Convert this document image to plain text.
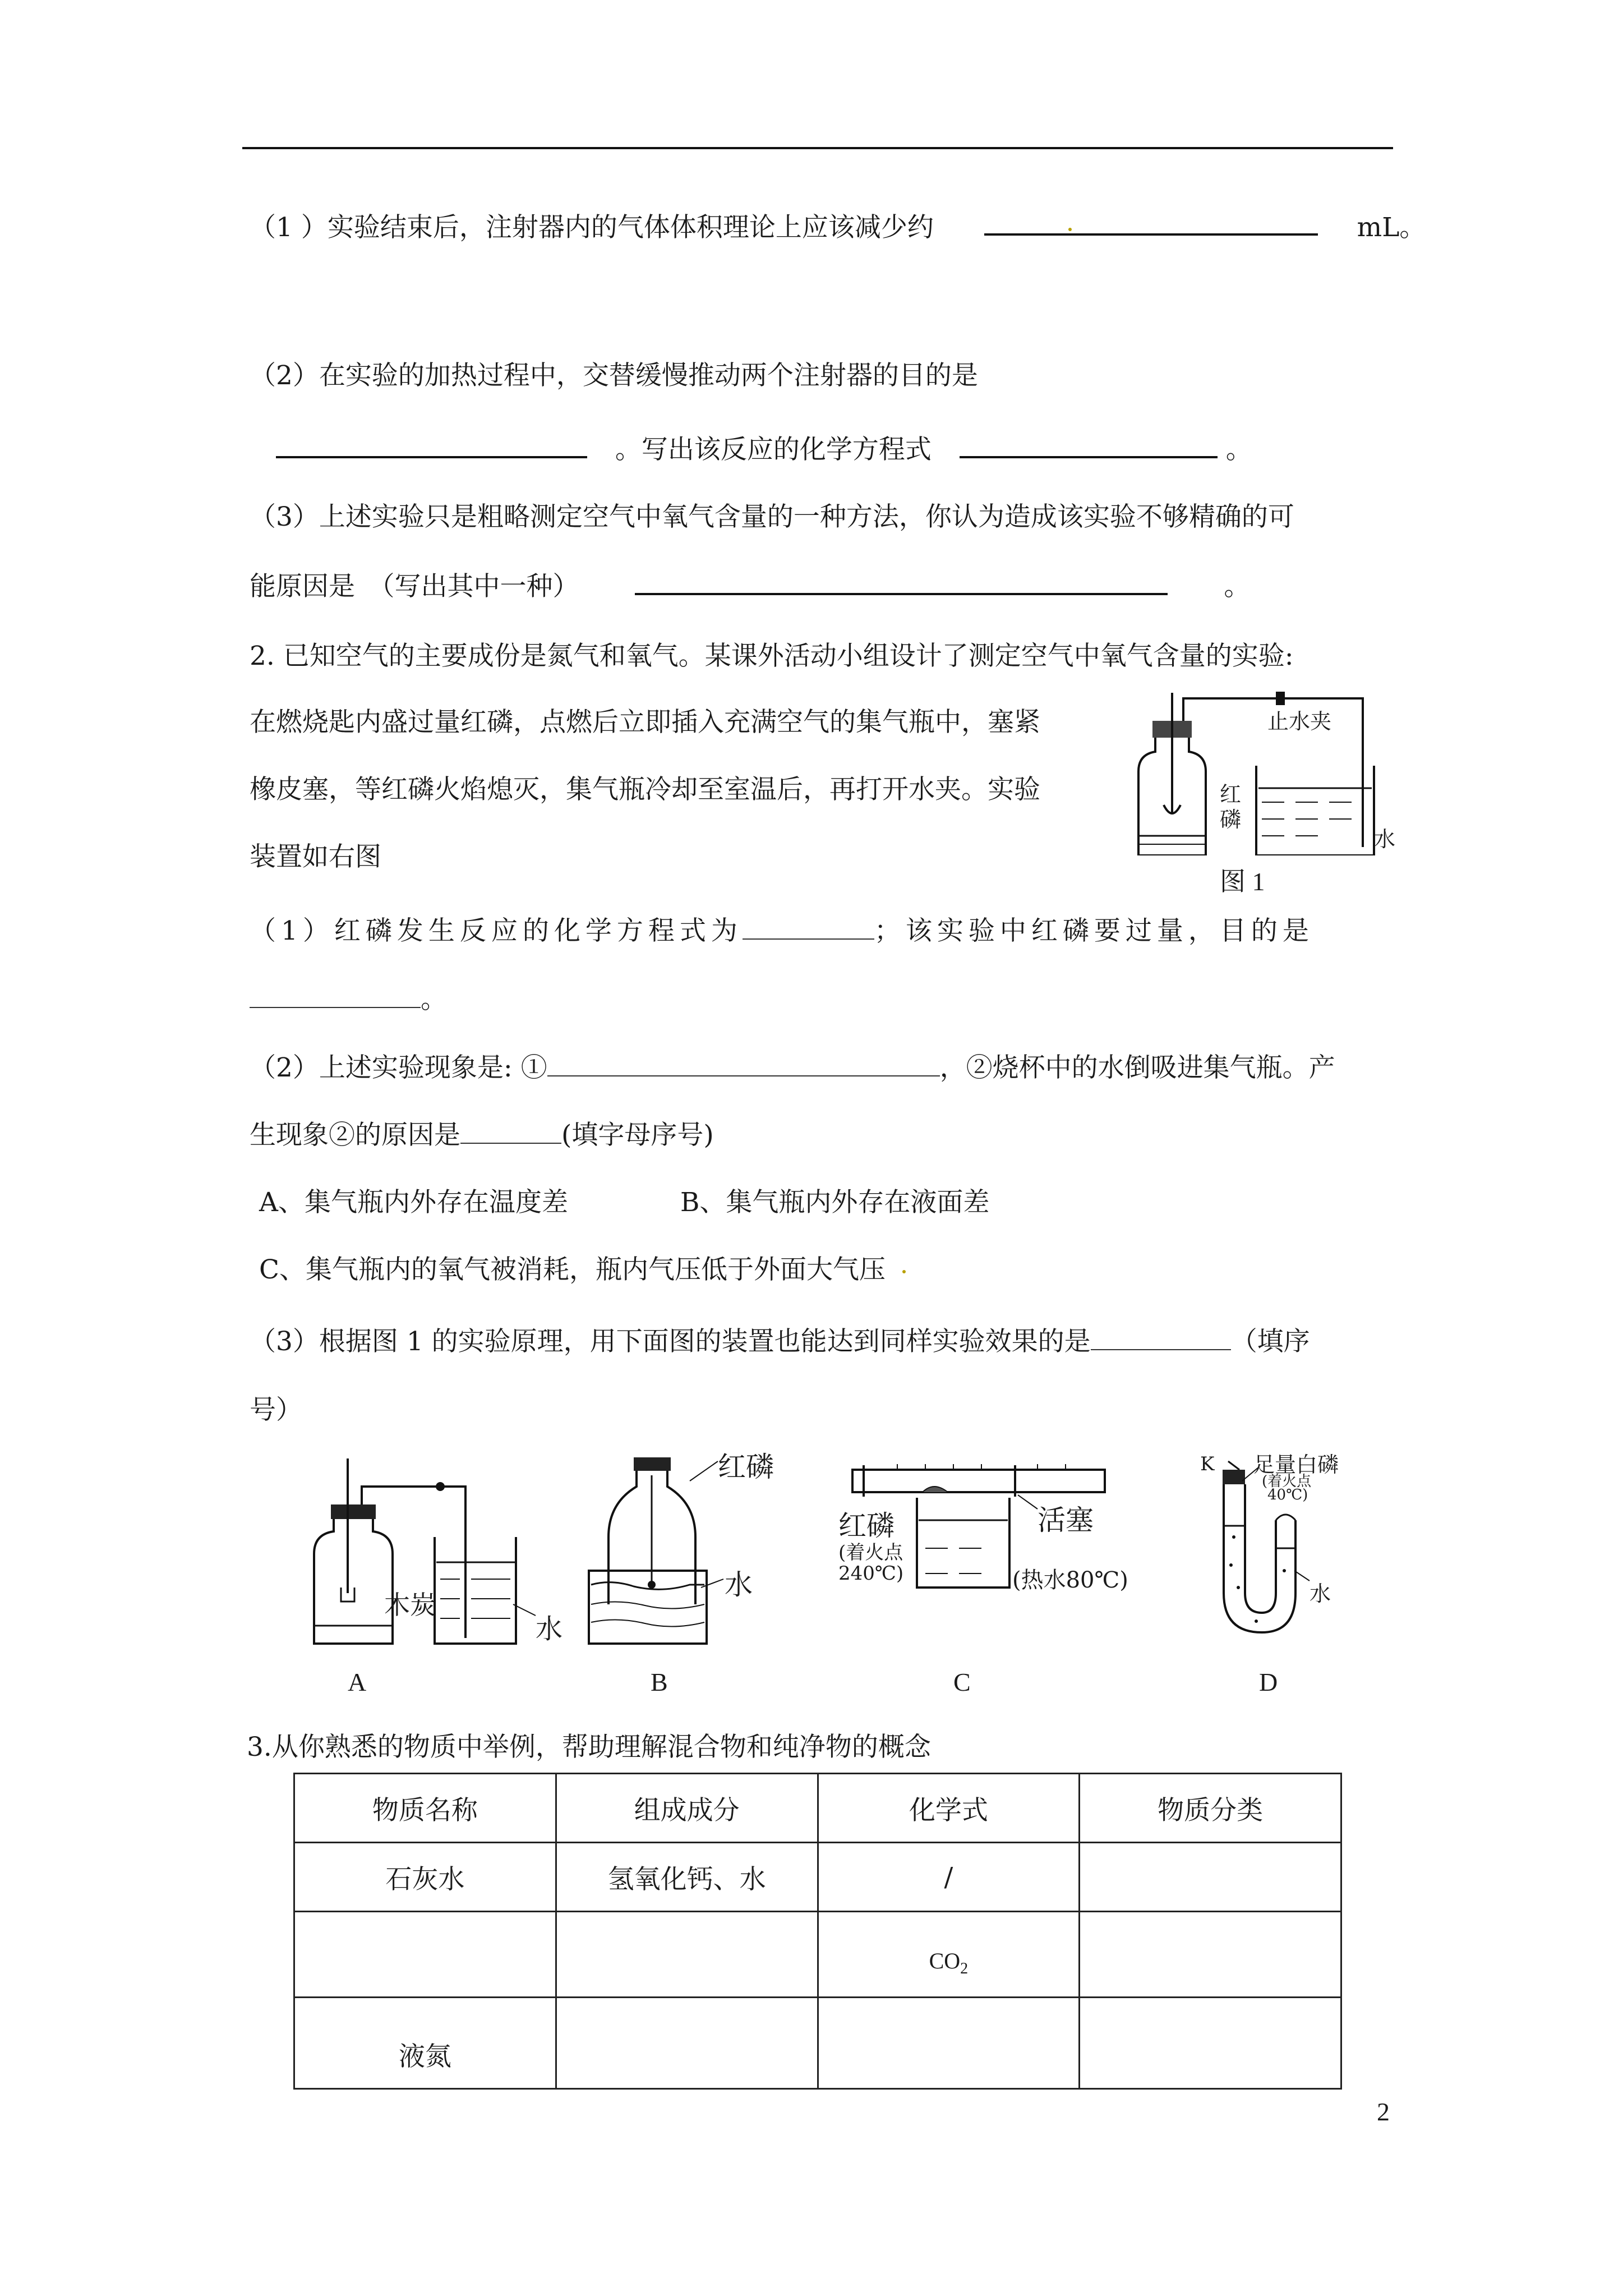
（1 ）实验结束后，注射器内的气体体积理论上应该减少约	mL。
（2）在实验的加热过程中，交替缓慢推动两个注射器的目的是
。写出该反应的化学方程式	。
（3）上述实验只是粗略测定空气中氧气含量的一种方法，你认为造成该实验不够精确的可
能原因是　（写出其中一种）	。
2. 已知空气的主要成份是氮气和氧气。某课外活动小组设计了测定空气中氧气含量的实验:
在燃烧匙内盛过量红磷，点燃后立即插入充满空气的集气瓶中，塞紧
橡皮塞，等红磷火焰熄灭，集气瓶冷却至室温后，再打开水夹。实验
装置如右图
止水夹
红
磷
水
图 1
（1）红磷发生反应的化学方程式为	；该实验中红磷要过量，目的是
。
（2）上述实验现象是: ①	，②烧杯中的水倒吸进集气瓶。产
生现象②的原因是	(填字母序号)
A、集气瓶内外存在温度差	B、集气瓶内外存在液面差
C、集气瓶内的氧气被消耗，瓶内气压低于外面大气压
（3）根据图 1 的实验原理，用下面图的装置也能达到同样实验效果的是	（填序
号）
木炭
水
A
红磷
水
B
红磷
(着火点
240℃)
活塞
(热水80℃)
C
K 足量白磷
(着火点
40℃)
水
D
3.从你熟悉的物质中举例，帮助理解混合物和纯净物的概念
物质名称	组成成分	化学式	物质分类
石灰水	氢氧化钙、水	/	
		$CO_2$	
液氮			
2
